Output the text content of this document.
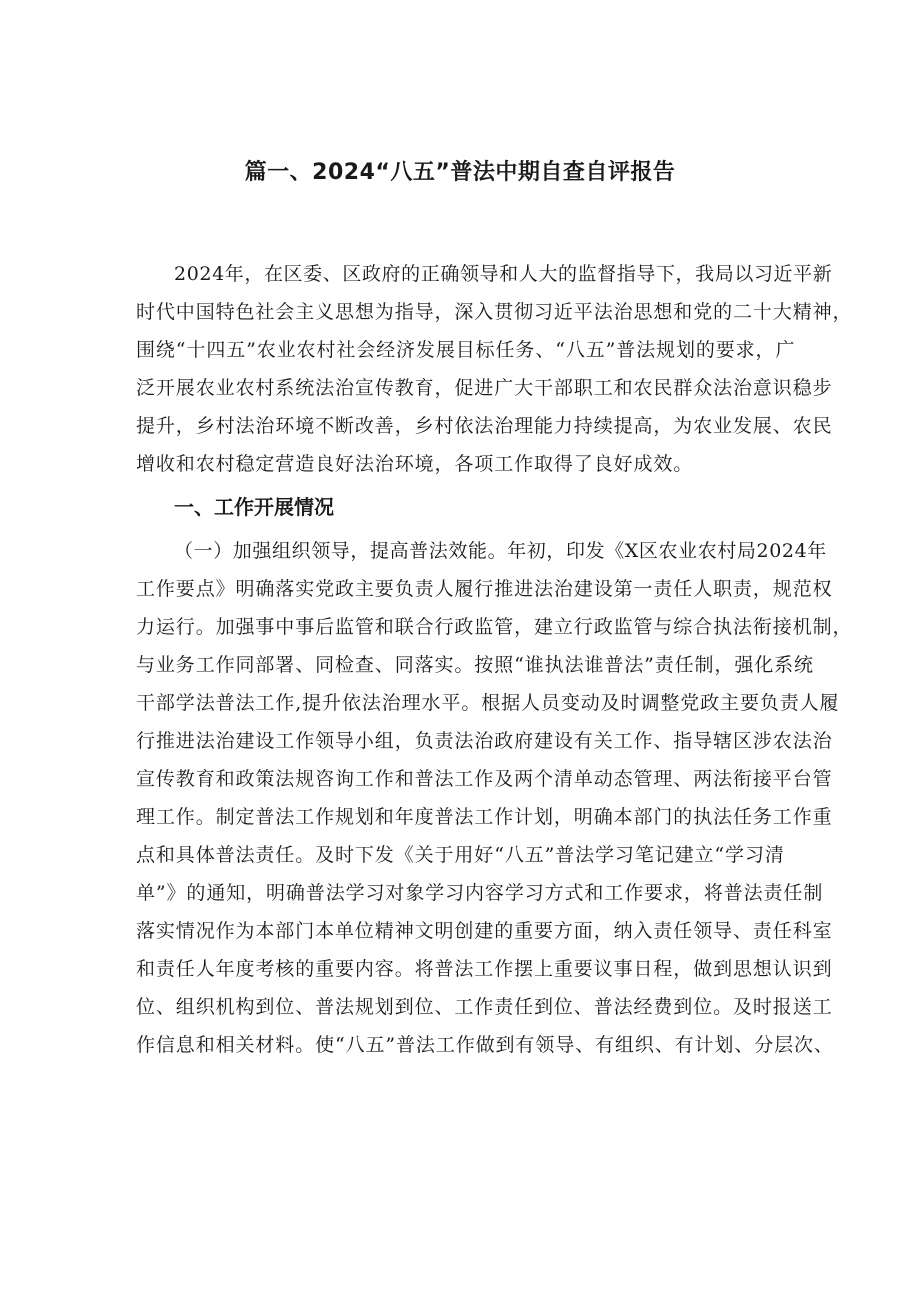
篇一、2024“八五”普法中期自查自评报告
2024年，在区委、区政府的正确领导和人大的监督指导下，我局以习近平新
时代中国特色社会主义思想为指导，深入贯彻习近平法治思想和党的二十大精神，
围绕“十四五”农业农村社会经济发展目标任务、“八五”普法规划的要求，广
泛开展农业农村系统法治宣传教育，促进广大干部职工和农民群众法治意识稳步
提升，乡村法治环境不断改善，乡村依法治理能力持续提高，为农业发展、农民
增收和农村稳定营造良好法治环境，各项工作取得了良好成效。
一、工作开展情况
（一）加强组织领导，提高普法效能。年初，印发《X区农业农村局2024年
工作要点》明确落实党政主要负责人履行推进法治建设第一责任人职责，规范权
力运行。加强事中事后监管和联合行政监管，建立行政监管与综合执法衔接机制，
与业务工作同部署、同检查、同落实。按照“谁执法谁普法”责任制，强化系统
干部学法普法工作,提升依法治理水平。根据人员变动及时调整党政主要负责人履
行推进法治建设工作领导小组，负责法治政府建设有关工作、指导辖区涉农法治
宣传教育和政策法规咨询工作和普法工作及两个清单动态管理、两法衔接平台管
理工作。制定普法工作规划和年度普法工作计划，明确本部门的执法任务工作重
点和具体普法责任。及时下发《关于用好“八五”普法学习笔记建立“学习清
单”》的通知，明确普法学习对象学习内容学习方式和工作要求，将普法责任制
落实情况作为本部门本单位精神文明创建的重要方面，纳入责任领导、责任科室
和责任人年度考核的重要内容。将普法工作摆上重要议事日程，做到思想认识到
位、组织机构到位、普法规划到位、工作责任到位、普法经费到位。及时报送工
作信息和相关材料。使“八五”普法工作做到有领导、有组织、有计划、分层次、
